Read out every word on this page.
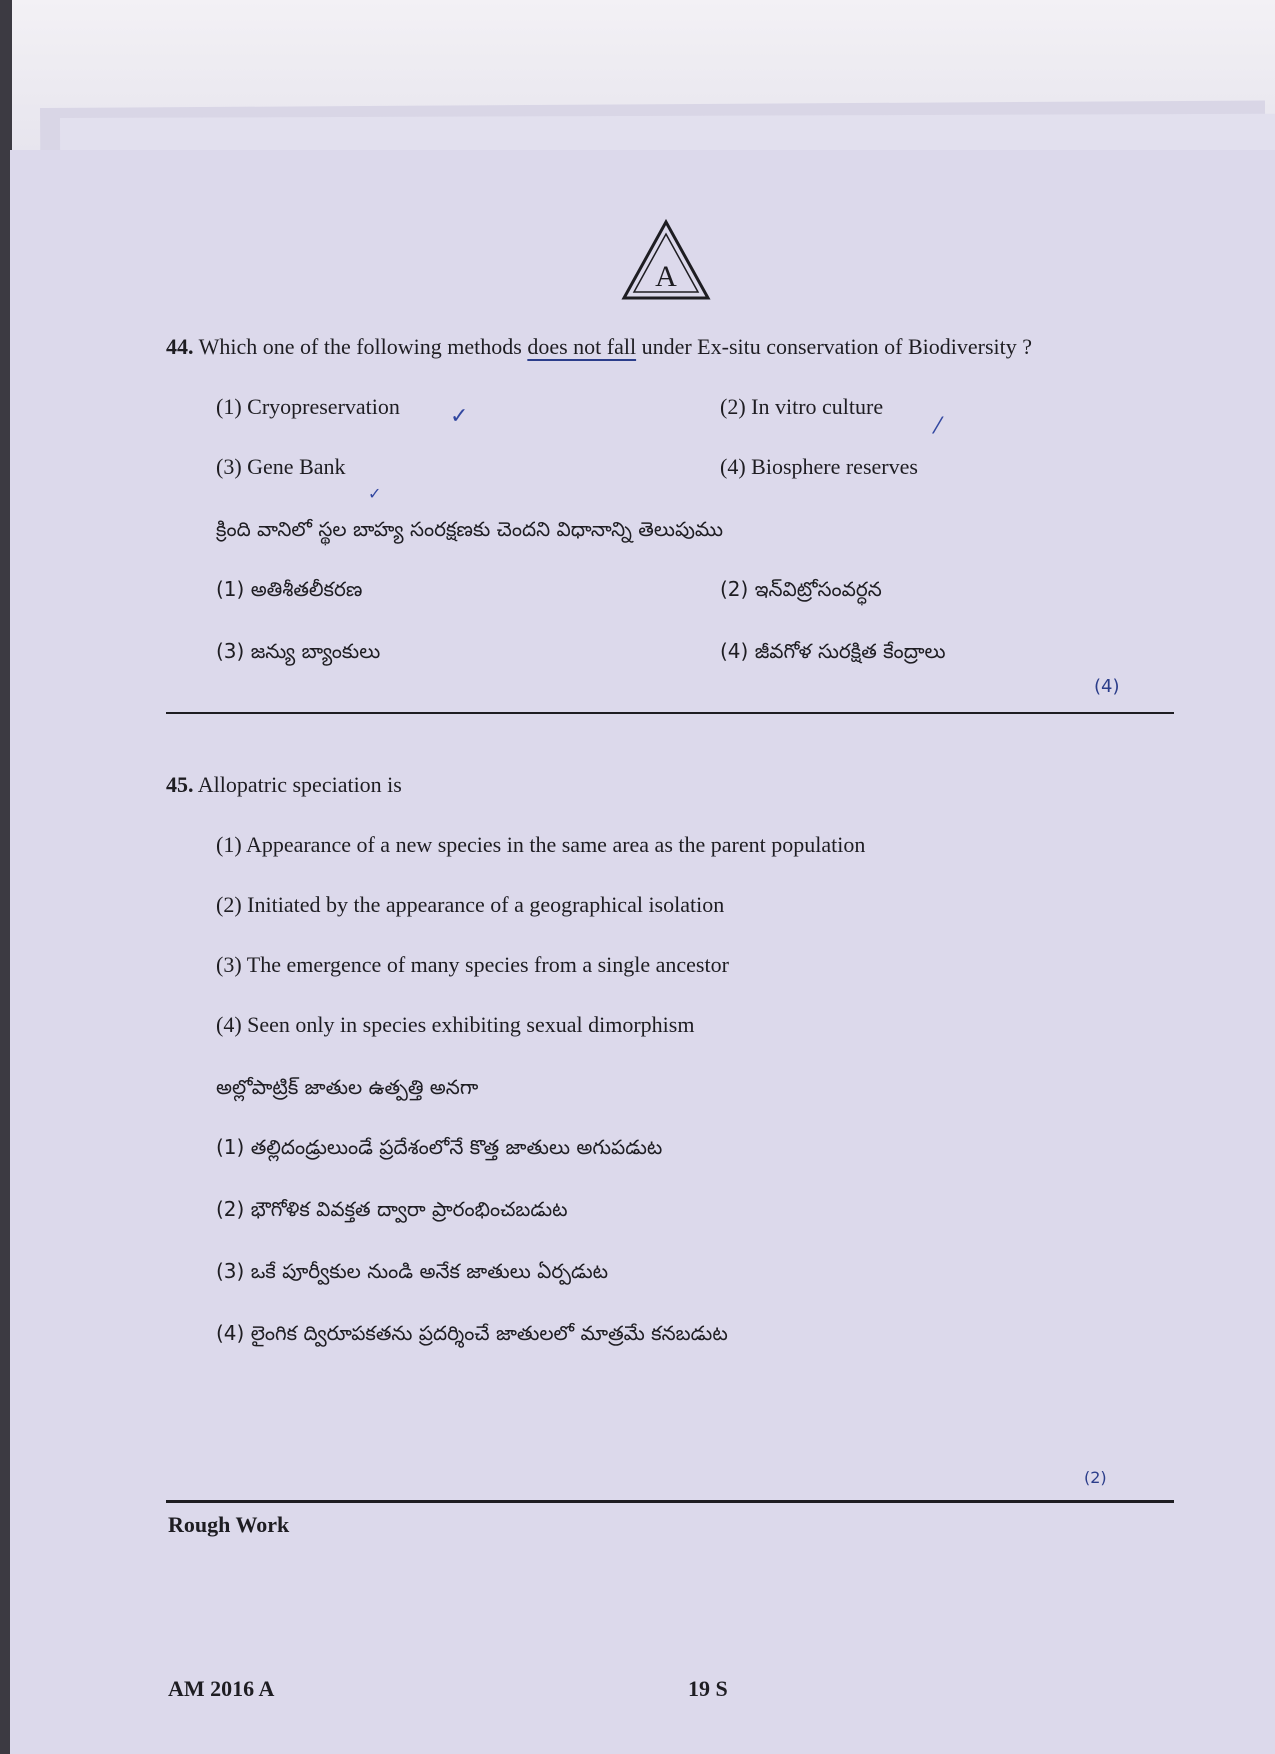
A
44. Which one of the following methods does not fall under Ex-situ conservation of Biodiversity ?
(1) Cryopreservation	(2) In vitro culture
(3) Gene Bank	(4) Biosphere reserves
✓	⁄
✓
క్రింది వానిలో స్థల బాహ్య సంరక్షణకు చెందని విధానాన్ని తెలుపుము
(1) అతిశీతలీకరణ	(2) ఇన్‌విట్రోసంవర్ధన
(3) జన్యు బ్యాంకులు	(4) జీవగోళ సురక్షిత కేంద్రాలు
(4)
45. Allopatric speciation is
(1) Appearance of a new species in the same area as the parent population
(2) Initiated by the appearance of a geographical isolation
(3) The emergence of many species from a single ancestor
(4) Seen only in species exhibiting sexual dimorphism
అల్లోపాట్రిక్ జాతుల ఉత్పత్తి అనగా
(1) తల్లిదండ్రులుండే ప్రదేశంలోనే కొత్త జాతులు అగుపడుట
(2) భౌగోళిక వివక్తత ద్వారా ప్రారంభించబడుట
(3) ఒకే పూర్వీకుల నుండి అనేక జాతులు ఏర్పడుట
(4) లైంగిక ద్విరూపకతను ప్రదర్శించే జాతులలో మాత్రమే కనబడుట
(2)
Rough Work
AM 2016 A	19 S
